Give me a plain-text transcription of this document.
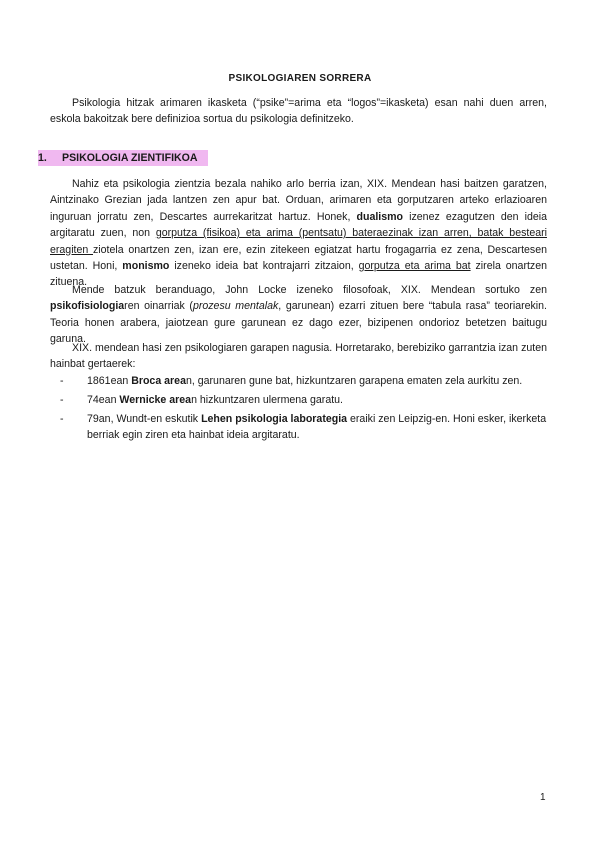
PSIKOLOGIAREN SORRERA
Psikologia hitzak arimaren ikasketa (“psike”=arima eta “logos”=ikasketa) esan nahi duen arren, eskola bakoitzak bere definizioa sortua du psikologia definitzeko.
1. PSIKOLOGIA ZIENTIFIKOA
Nahiz eta psikologia zientzia bezala nahiko arlo berria izan, XIX. Mendean hasi baitzen garatzen, Aintzinako Grezian jada lantzen zen apur bat. Orduan, arimaren eta gorputzaren arteko erlazioaren inguruan jorratu zen, Descartes aurrekaritzat hartuz. Honek, dualismo izenez ezagutzen den ideia argitaratu zuen, non gorputza (fisikoa) eta arima (pentsatu) bateraezinak izan arren, batak besteari eragiten ziotela onartzen zen, izan ere, ezin zitekeen egiatzat hartu frogagarria ez zena, Descartesen ustetan. Honi, monismo izeneko ideia bat kontrajarri zitzaion, gorputza eta arima bat zirela onartzen zituena.
Mende batzuk beranduago, John Locke izeneko filosofoak, XIX. Mendean sortuko zen psikofisiologiaren oinarriak (prozesu mentalak, garunean) ezarri zituen bere “tabula rasa” teoriarekin. Teoria honen arabera, jaiotzean gure garunean ez dago ezer, bizipenen ondorioz betetzen baitugu garuna.
XIX. mendean hasi zen psikologiaren garapen nagusia. Horretarako, berebiziko garrantzia izan zuten hainbat gertaerek:
- 1861ean Broca arean, garunaren gune bat, hizkuntzaren garapena ematen zela aurkitu zen.
- 74ean Wernicke arean hizkuntzaren ulermena garatu.
- 79an, Wundt-en eskutik Lehen psikologia laborategia eraiki zen Leipzig-en. Honi esker, ikerketa berriak egin ziren eta hainbat ideia argitaratu.
1
